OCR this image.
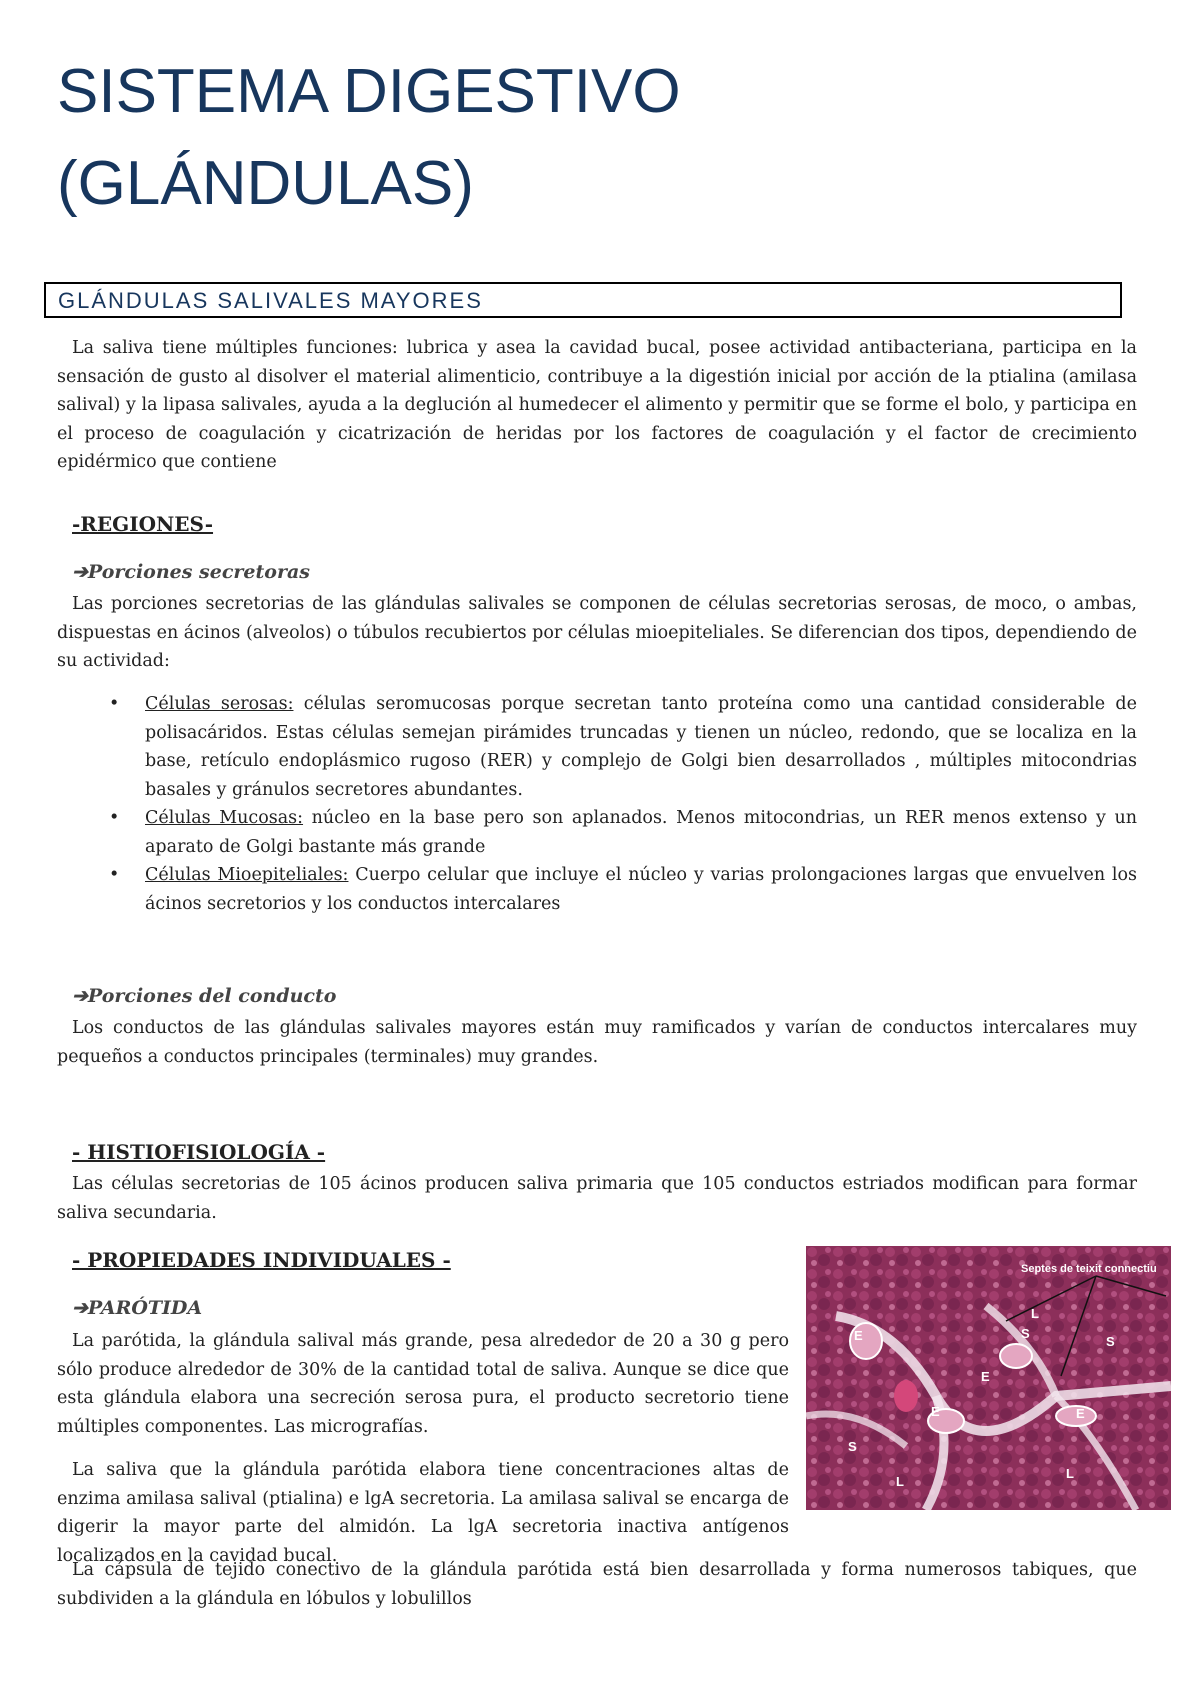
SISTEMA DIGESTIVO
(GLÁNDULAS)
GLÁNDULAS SALIVALES MAYORES

La saliva tiene múltiples funciones: lubrica y asea la cavidad bucal, posee actividad antibacteriana, participa en la sensación de gusto al disolver el material alimenticio, contribuye a la digestión inicial por acción de la ptialina (amilasa salival) y la lipasa salivales, ayuda a la deglución al humedecer el alimento y permitir que se forme el bolo, y participa en el proceso de coagulación y cicatrización de heridas por los factores de coagulación y el factor de crecimiento epidérmico que contiene

-REGIONES-
➔Porciones secretoras

Las porciones secretorias de las glándulas salivales se componen de células secretorias serosas, de moco, o ambas, dispuestas en ácinos (alveolos) o túbulos recubiertos por células mioepiteliales. Se diferencian dos tipos, dependiendo de su actividad:

• Células serosas: células seromucosas porque secretan tanto proteína como una cantidad considerable de polisacáridos. Estas células semejan pirámides truncadas y tienen un núcleo, redondo, que se localiza en la base, retículo endoplásmico rugoso (RER) y complejo de Golgi bien desarrollados , múltiples mitocondrias basales y gránulos secretores abundantes.
• Células Mucosas: núcleo en la base pero son aplanados. Menos mitocondrias, un RER menos extenso y un aparato de Golgi bastante más grande
• Células Mioepiteliales: Cuerpo celular que incluye el núcleo y varias prolongaciones largas que envuelven los ácinos secretorios y los conductos intercalares
➔Porciones del conducto

Los conductos de las glándulas salivales mayores están muy ramificados y varían de conductos intercalares muy pequeños a conductos principales (terminales) muy grandes.

- HISTIOFISIOLOGÍA -

Las células secretorias de 105 ácinos producen saliva primaria que 105 conductos estriados modifican para formar saliva secundaria.

- PROPIEDADES INDIVIDUALES -
➔PARÓTIDA

La parótida, la glándula salival más grande, pesa alrededor de 20 a 30 g pero sólo produce alrededor de 30% de la cantidad total de saliva. Aunque se dice que esta glándula elabora una secreción serosa pura, el producto secretorio tiene múltiples componentes. Las micrografías.

La saliva que la glándula parótida elabora tiene concentraciones altas de enzima amilasa salival (ptialina) e lgA secretoria. La amilasa salival se encarga de digerir la mayor parte del almidón. La lgA secretoria inactiva antígenos localizados en la cavidad bucal.

La cápsula de tejido conectivo de la glándula parótida está bien desarrollada y forma numerosos tabiques, que subdividen a la glándula en lóbulos y lobulillos

Septes de teixit connectiu
E	S
L
E
S
E
L
S
E
L
